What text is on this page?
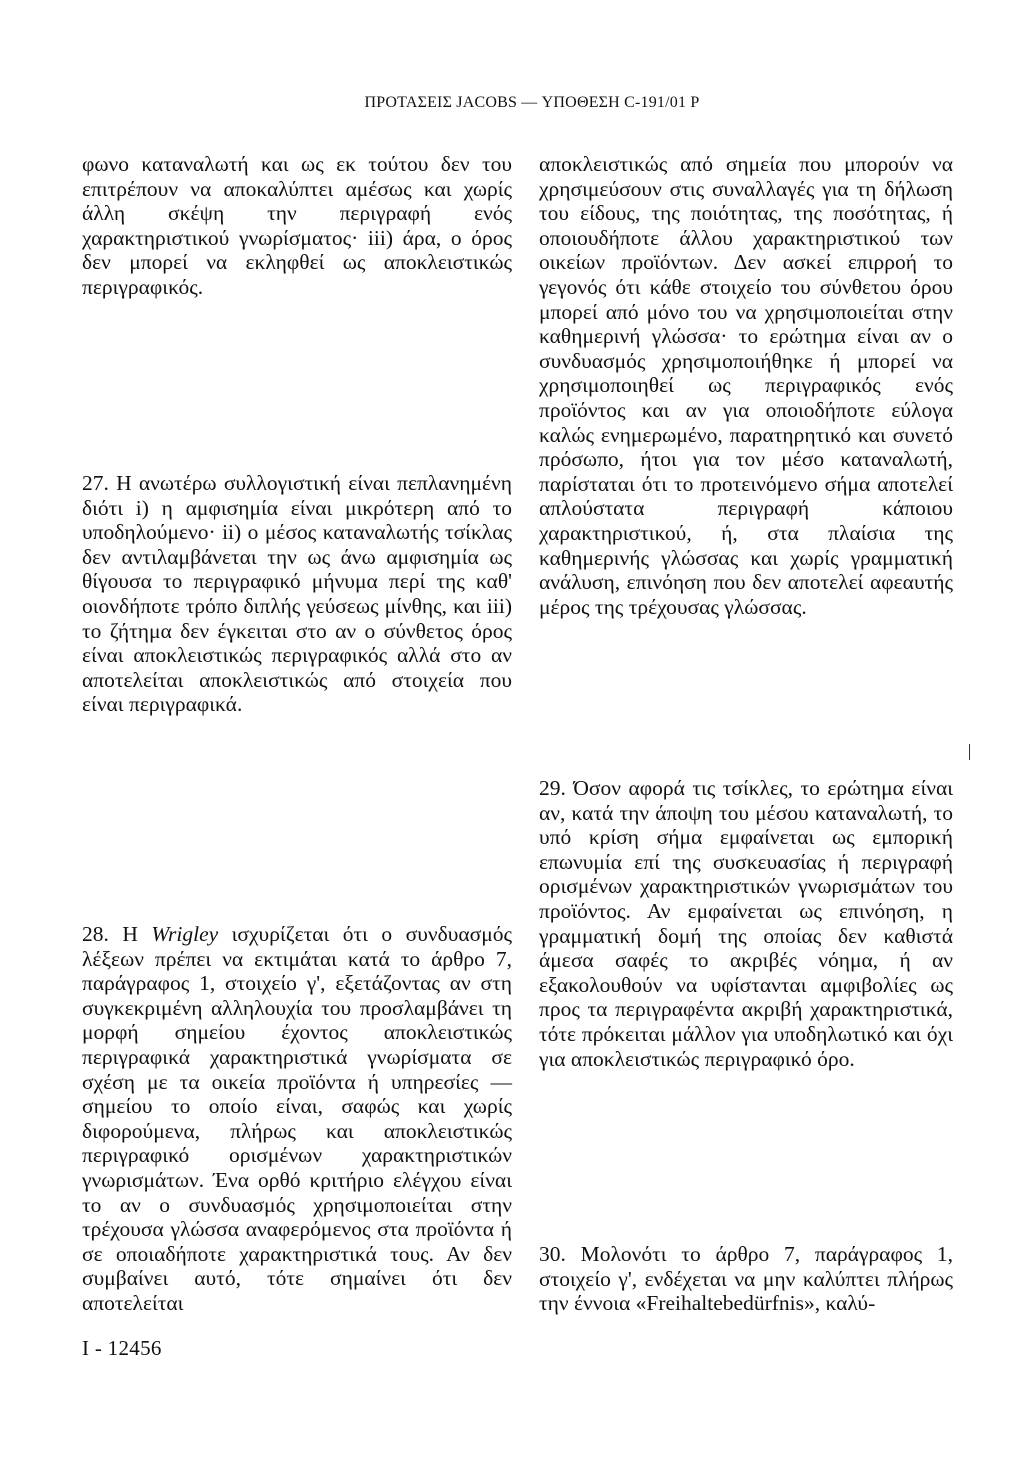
ΠΡΟΤΑΣΕΙΣ JACOBS — ΥΠΟΘΕΣΗ C-191/01 P

φωνο καταναλωτή και ως εκ τούτου δεν του επιτρέπουν να αποκαλύπτει αμέσως και χωρίς άλλη σκέψη την περιγραφή ενός χαρακτηριστικού γνωρίσματος· iii) άρα, ο όρος δεν μπορεί να εκληφθεί ως αποκλειστικώς περιγραφικός.

27. Η ανωτέρω συλλογιστική είναι πεπλανημένη διότι i) η αμφισημία είναι μικρότερη από το υποδηλούμενο· ii) ο μέσος καταναλωτής τσίκλας δεν αντιλαμβάνεται την ως άνω αμφισημία ως θίγουσα το περιγραφικό μήνυμα περί της καθ' οιονδήποτε τρόπο διπλής γεύσεως μίνθης, και iii) το ζήτημα δεν έγκειται στο αν ο σύνθετος όρος είναι αποκλειστικώς περιγραφικός αλλά στο αν αποτελείται αποκλειστικώς από στοιχεία που είναι περιγραφικά.

28. Η Wrigley ισχυρίζεται ότι ο συνδυασμός λέξεων πρέπει να εκτιμάται κατά το άρθρο 7, παράγραφος 1, στοιχείο γ', εξετάζοντας αν στη συγκεκριμένη αλληλουχία του προσλαμβάνει τη μορφή σημείου έχοντος αποκλειστικώς περιγραφικά χαρακτηριστικά γνωρίσματα σε σχέση με τα οικεία προϊόντα ή υπηρεσίες —σημείου το οποίο είναι, σαφώς και χωρίς διφορούμενα, πλήρως και αποκλειστικώς περιγραφικό ορισμένων χαρακτηριστικών γνωρισμάτων. Ένα ορθό κριτήριο ελέγχου είναι το αν ο συνδυασμός χρησιμοποιείται στην τρέχουσα γλώσσα αναφερόμενος στα προϊόντα ή σε οποιαδήποτε χαρακτηριστικά τους. Αν δεν συμβαίνει αυτό, τότε σημαίνει ότι δεν αποτελείται

αποκλειστικώς από σημεία που μπορούν να χρησιμεύσουν στις συναλλαγές για τη δήλωση του είδους, της ποιότητας, της ποσότητας, ή οποιουδήποτε άλλου χαρακτηριστικού των οικείων προϊόντων. Δεν ασκεί επιρροή το γεγονός ότι κάθε στοιχείο του σύνθετου όρου μπορεί από μόνο του να χρησιμοποιείται στην καθημερινή γλώσσα· το ερώτημα είναι αν ο συνδυασμός χρησιμοποιήθηκε ή μπορεί να χρησιμοποιηθεί ως περιγραφικός ενός προϊόντος και αν για οποιοδήποτε εύλογα καλώς ενημερωμένο, παρατηρητικό και συνετό πρόσωπο, ήτοι για τον μέσο καταναλωτή, παρίσταται ότι το προτεινόμενο σήμα αποτελεί απλούστατα περιγραφή κάποιου χαρακτηριστικού, ή, στα πλαίσια της καθημερινής γλώσσας και χωρίς γραμματική ανάλυση, επινόηση που δεν αποτελεί αφεαυτής μέρος της τρέχουσας γλώσσας.

29. Όσον αφορά τις τσίκλες, το ερώτημα είναι αν, κατά την άποψη του μέσου καταναλωτή, το υπό κρίση σήμα εμφαίνεται ως εμπορική επωνυμία επί της συσκευασίας ή περιγραφή ορισμένων χαρακτηριστικών γνωρισμάτων του προϊόντος. Αν εμφαίνεται ως επινόηση, η γραμματική δομή της οποίας δεν καθιστά άμεσα σαφές το ακριβές νόημα, ή αν εξακολουθούν να υφίστανται αμφιβολίες ως προς τα περιγραφέντα ακριβή χαρακτηριστικά, τότε πρόκειται μάλλον για υποδηλωτικό και όχι για αποκλειστικώς περιγραφικό όρο.

30. Μολονότι το άρθρο 7, παράγραφος 1, στοιχείο γ', ενδέχεται να μην καλύπτει πλήρως την έννοια «Freihaltebedürfnis», καλύ-

I - 12456
